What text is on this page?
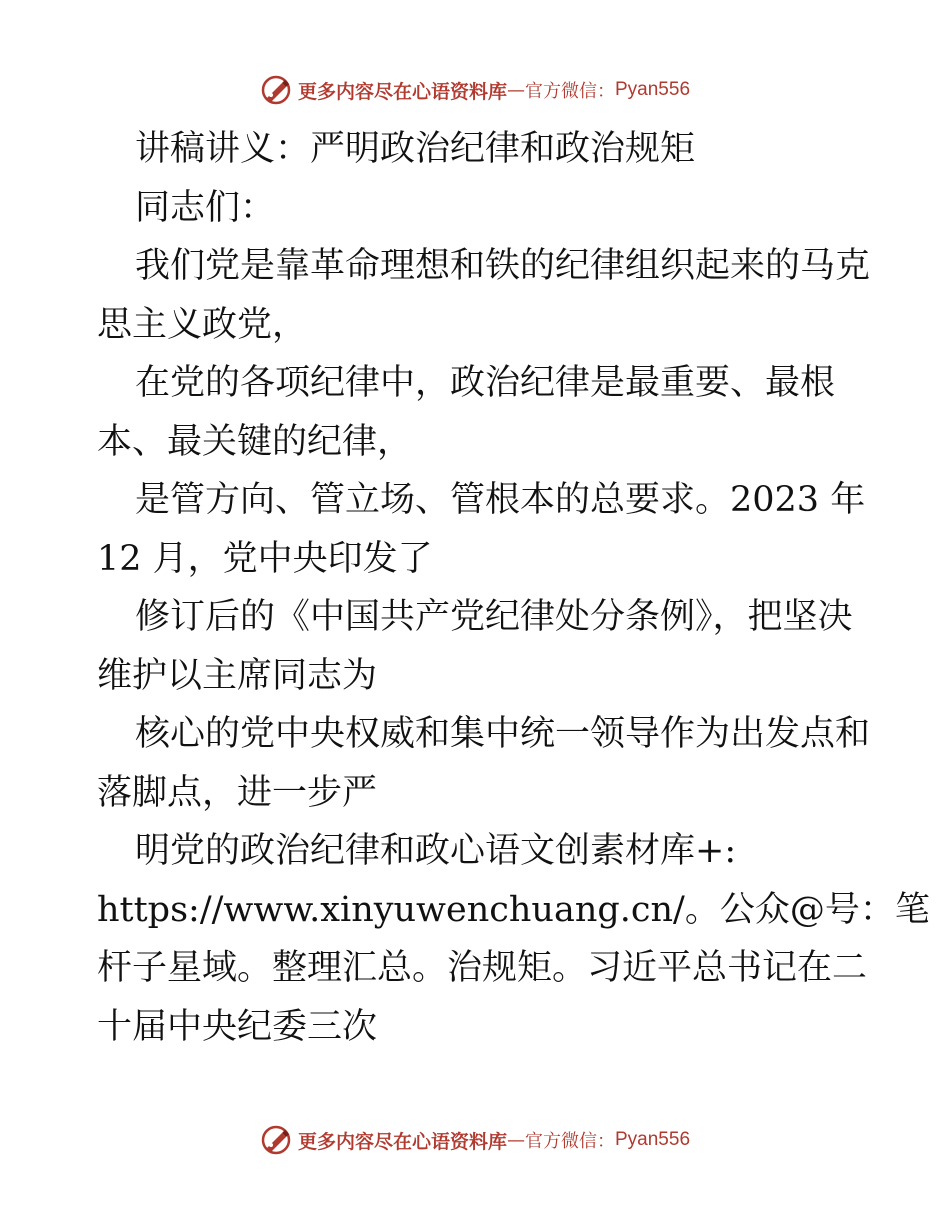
更多内容尽在心语资料库 — 官方微信： Pyan556
讲稿讲义：严明政治纪律和政治规矩
同志们：
我们党是靠革命理想和铁的纪律组织起来的马克
思主义政党，
在党的各项纪律中，政治纪律是最重要、最根
本、最关键的纪律，
是管方向、管立场、管根本的总要求。2023 年
12 月，党中央印发了
修订后的《中国共产党纪律处分条例》，把坚决
维护以主席同志为
核心的党中央权威和集中统一领导作为出发点和
落脚点，进一步严
明党的政治纪律和政心语文创素材库+:
https://www.xinyuwenchuang.cn/。公众@号：笔
杆子星域。整理汇总。治规矩。习近平总书记在二
十届中央纪委三次
更多内容尽在心语资料库 — 官方微信： Pyan556
